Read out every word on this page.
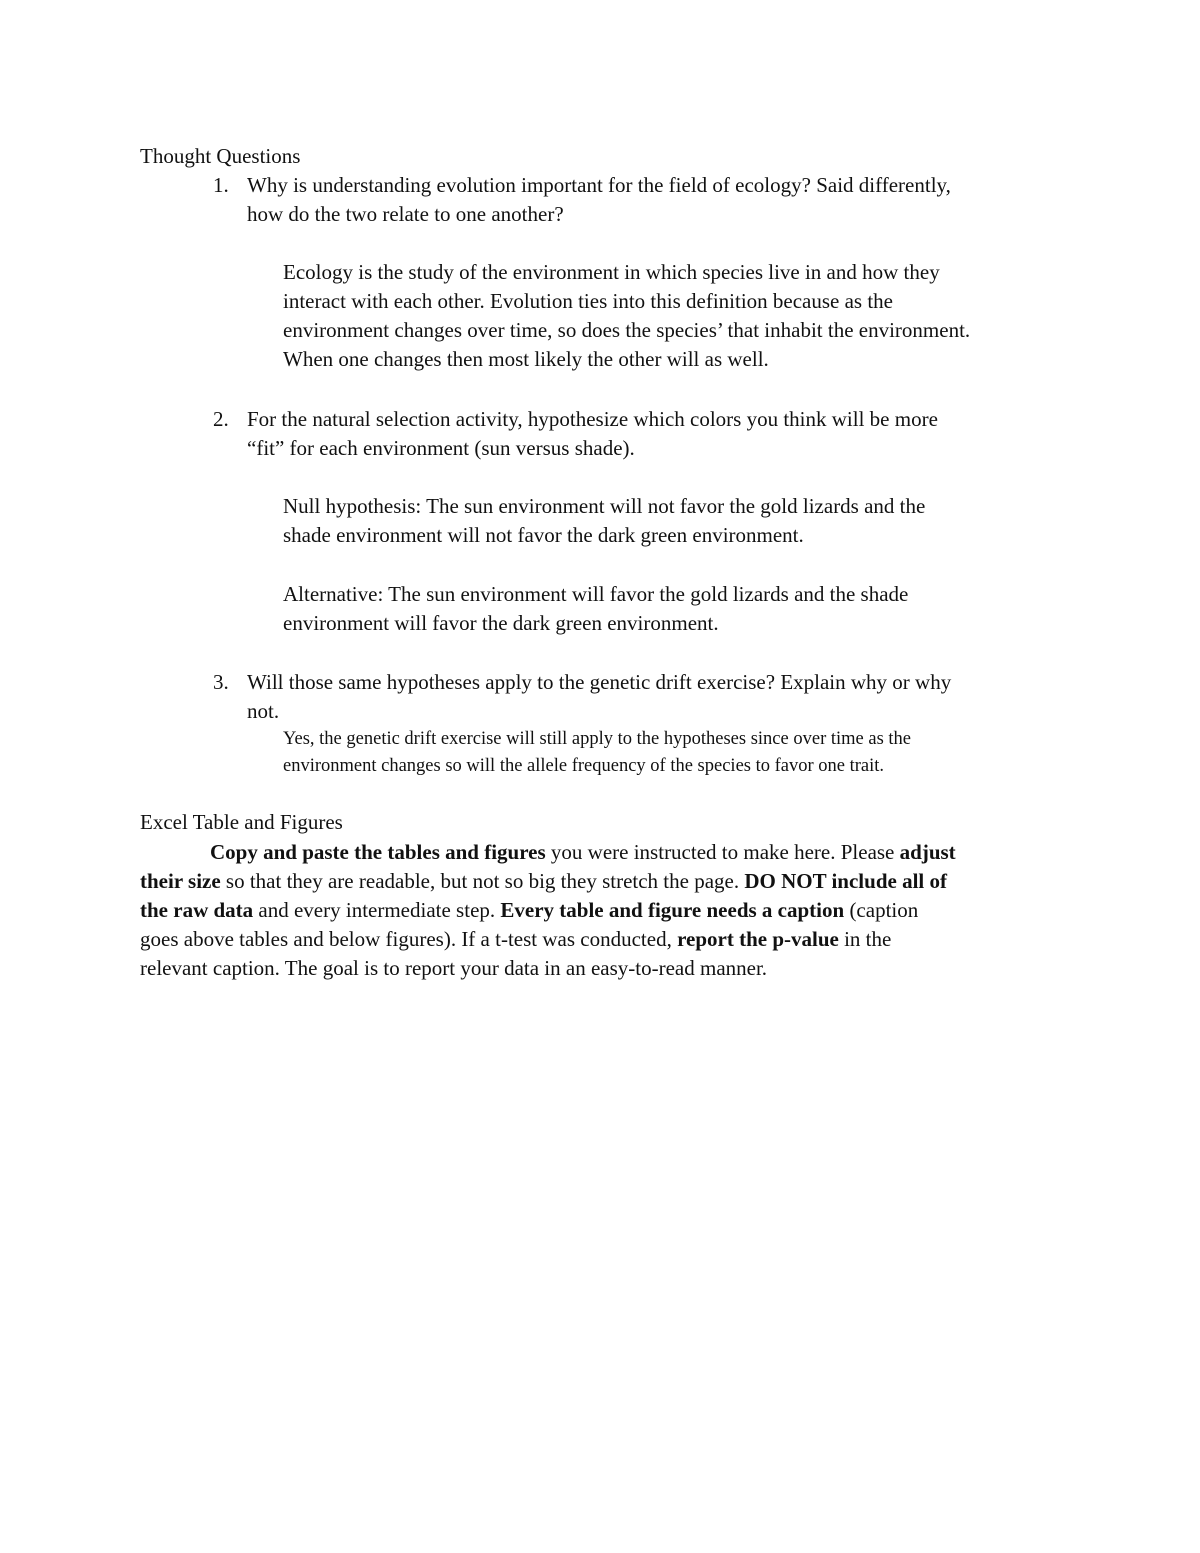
Thought Questions
1. Why is understanding evolution important for the field of ecology? Said differently,
how do the two relate to one another?
Ecology is the study of the environment in which species live in and how they
interact with each other. Evolution ties into this definition because as the
environment changes over time, so does the species’ that inhabit the environment.
When one changes then most likely the other will as well.
2. For the natural selection activity, hypothesize which colors you think will be more
“fit” for each environment (sun versus shade).
Null hypothesis: The sun environment will not favor the gold lizards and the
shade environment will not favor the dark green environment.
Alternative: The sun environment will favor the gold lizards and the shade
environment will favor the dark green environment.
3. Will those same hypotheses apply to the genetic drift exercise? Explain why or why
not.
Yes, the genetic drift exercise will still apply to the hypotheses since over time as the
environment changes so will the allele frequency of the species to favor one trait.
Excel Table and Figures
Copy and paste the tables and figures you were instructed to make here. Please adjust
their size so that they are readable, but not so big they stretch the page. DO NOT include all of
the raw data and every intermediate step. Every table and figure needs a caption (caption
goes above tables and below figures). If a t-test was conducted, report the p-value in the
relevant caption. The goal is to report your data in an easy-to-read manner.
